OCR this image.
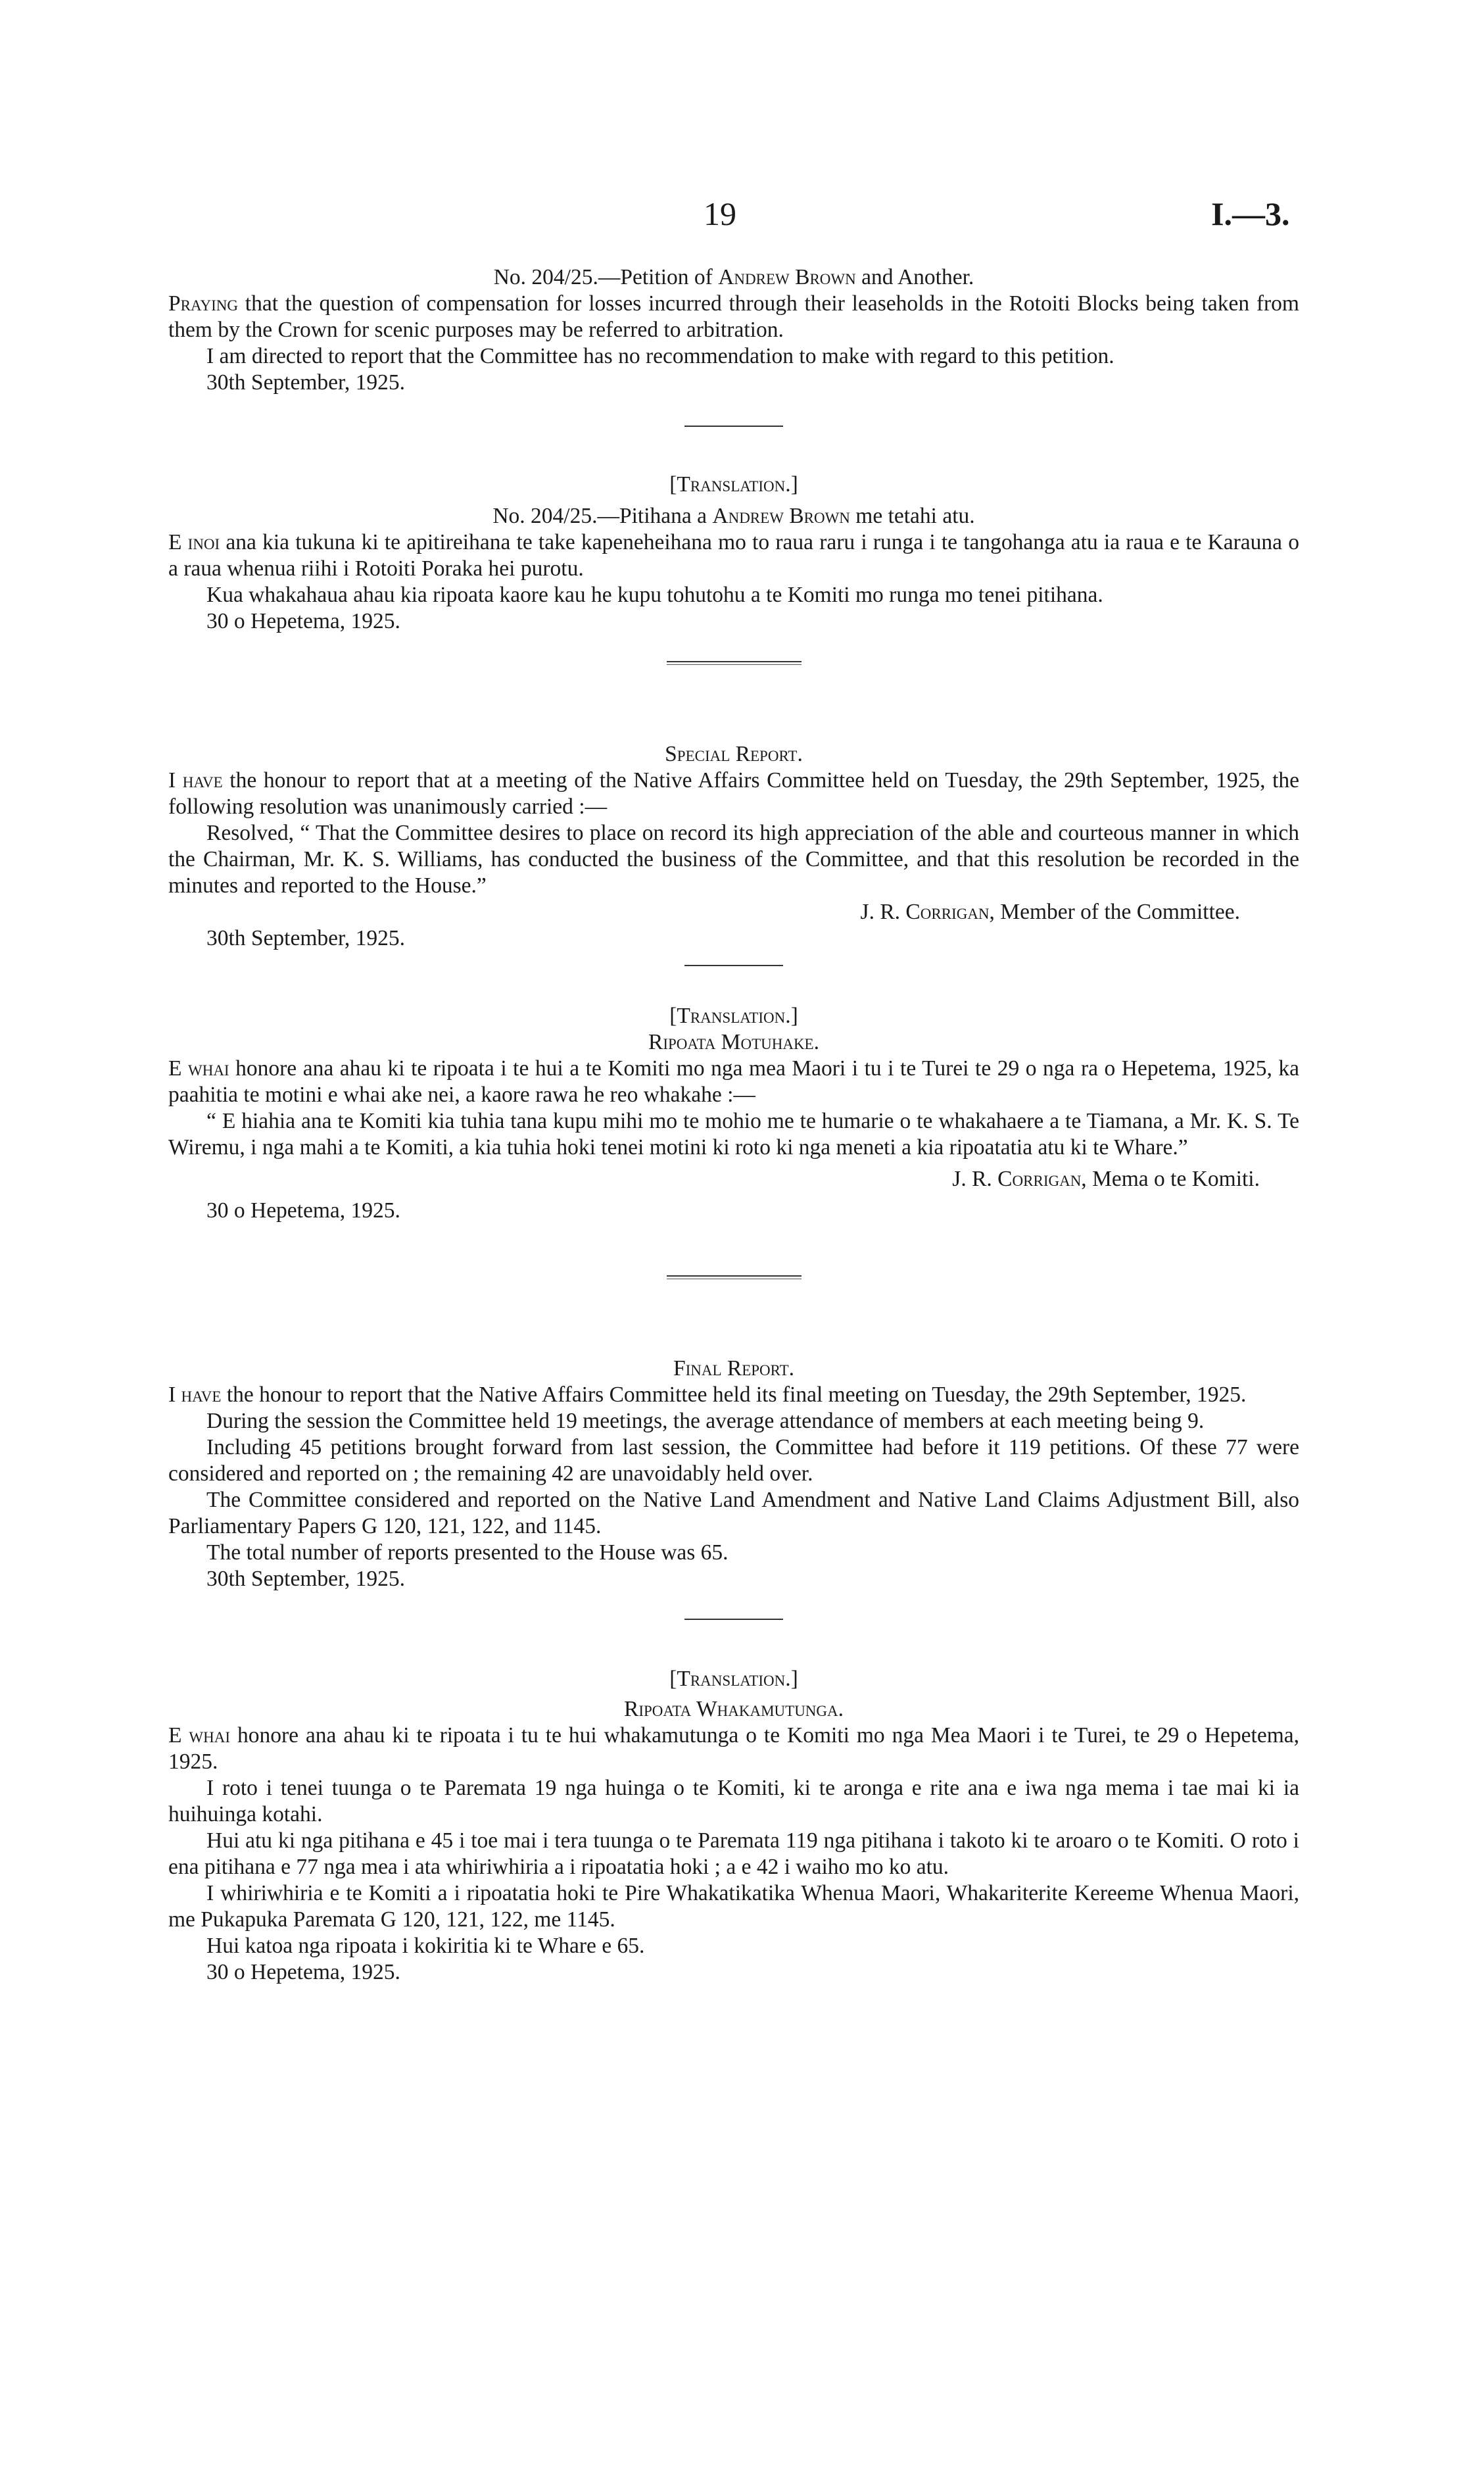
19	I.—3.

No. 204/25.—Petition of Andrew Brown and Another.

Praying that the question of compensation for losses incurred through their leaseholds in the Rotoiti Blocks being taken from them by the Crown for scenic purposes may be referred to arbitration.

I am directed to report that the Committee has no recommendation to make with regard to this petition.

30th September, 1925.

[Translation.]

No. 204/25.—Pitihana a Andrew Brown me tetahi atu.

E inoi ana kia tukuna ki te apitireihana te take kapeneheihana mo to raua raru i runga i te tangohanga atu ia raua e te Karauna o a raua whenua riihi i Rotoiti Poraka hei purotu.

Kua whakahaua ahau kia ripoata kaore kau he kupu tohutohu a te Komiti mo runga mo tenei pitihana.

30 o Hepetema, 1925.

Special Report.

I have the honour to report that at a meeting of the Native Affairs Committee held on Tuesday, the 29th September, 1925, the following resolution was unanimously carried :—

Resolved, “ That the Committee desires to place on record its high appreciation of the able and courteous manner in which the Chairman, Mr. K. S. Williams, has conducted the business of the Committee, and that this resolution be recorded in the minutes and reported to the House.”

J. R. Corrigan, Member of the Committee.

30th September, 1925.

[Translation.]

Ripoata Motuhake.

E whai honore ana ahau ki te ripoata i te hui a te Komiti mo nga mea Maori i tu i te Turei te 29 o nga ra o Hepetema, 1925, ka paahitia te motini e whai ake nei, a kaore rawa he reo whakahe :—

“ E hiahia ana te Komiti kia tuhia tana kupu mihi mo te mohio me te humarie o te whakahaere a te Tiamana, a Mr. K. S. Te Wiremu, i nga mahi a te Komiti, a kia tuhia hoki tenei motini ki roto ki nga meneti a kia ripoatatia atu ki te Whare.”

J. R. Corrigan, Mema o te Komiti.

30 o Hepetema, 1925.

Final Report.

I have the honour to report that the Native Affairs Committee held its final meeting on Tuesday, the 29th September, 1925.

During the session the Committee held 19 meetings, the average attendance of members at each meeting being 9.

Including 45 petitions brought forward from last session, the Committee had before it 119 petitions. Of these 77 were considered and reported on ; the remaining 42 are unavoidably held over.

The Committee considered and reported on the Native Land Amendment and Native Land Claims Adjustment Bill, also Parliamentary Papers G 120, 121, 122, and 1145.

The total number of reports presented to the House was 65.

30th September, 1925.

[Translation.]

Ripoata Whakamutunga.

E whai honore ana ahau ki te ripoata i tu te hui whakamutunga o te Komiti mo nga Mea Maori i te Turei, te 29 o Hepetema, 1925.

I roto i tenei tuunga o te Paremata 19 nga huinga o te Komiti, ki te aronga e rite ana e iwa nga mema i tae mai ki ia huihuinga kotahi.

Hui atu ki nga pitihana e 45 i toe mai i tera tuunga o te Paremata 119 nga pitihana i takoto ki te aroaro o te Komiti. O roto i ena pitihana e 77 nga mea i ata whiriwhiria a i ripoatatia hoki ; a e 42 i waiho mo ko atu.

I whiriwhiria e te Komiti a i ripoatatia hoki te Pire Whakatikatika Whenua Maori, Whakariterite Kereeme Whenua Maori, me Pukapuka Paremata G 120, 121, 122, me 1145.

Hui katoa nga ripoata i kokiritia ki te Whare e 65.

30 o Hepetema, 1925.
